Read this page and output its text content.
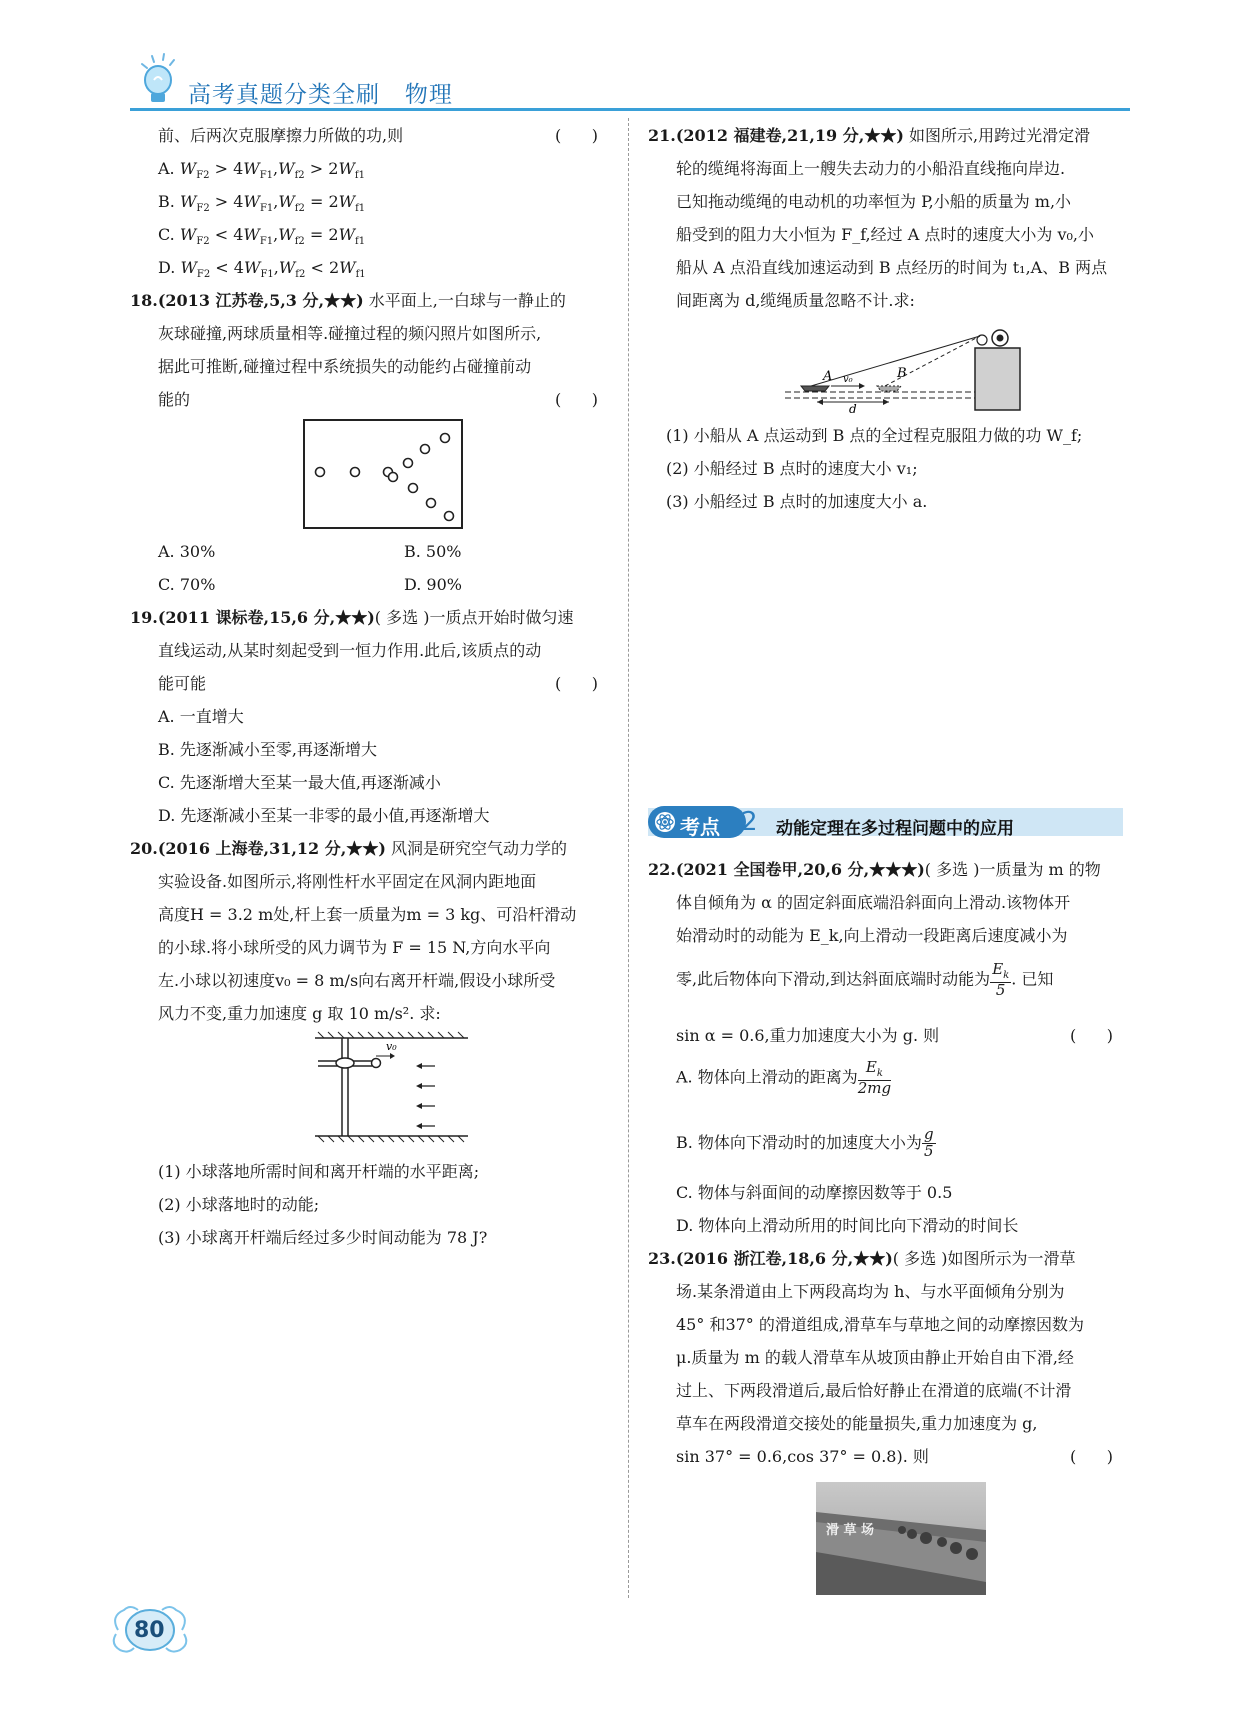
高考真题分类全刷   物理
前、后两次克服摩擦力所做的功,则	(      )
A. $W_{F2} > 4W_{F1},W_{f2} > 2W_{f1}$
B. $W_{F2} > 4W_{F1},W_{f2} = 2W_{f1}$
C. $W_{F2} < 4W_{F1},W_{f2} = 2W_{f1}$
D. $W_{F2} < 4W_{F1},W_{f2} < 2W_{f1}$
18.(2013 江苏卷,5,3 分,★★) 水平面上,一白球与一静止的
灰球碰撞,两球质量相等.碰撞过程的频闪照片如图所示,
据此可推断,碰撞过程中系统损失的动能约占碰撞前动
能的	(      )
A. 30%	B. 50%
C. 70%	D. 90%
19.(2011 课标卷,15,6 分,★★)( 多选 )一质点开始时做匀速
直线运动,从某时刻起受到一恒力作用.此后,该质点的动
能可能	(      )
A. 一直增大
B. 先逐渐减小至零,再逐渐增大
C. 先逐渐增大至某一最大值,再逐渐减小
D. 先逐渐减小至某一非零的最小值,再逐渐增大
20.(2016 上海卷,31,12 分,★★) 风洞是研究空气动力学的
实验设备.如图所示,将刚性杆水平固定在风洞内距地面
高度H = 3.2 m处,杆上套一质量为m = 3 kg、可沿杆滑动
的小球.将小球所受的风力调节为 F = 15 N,方向水平向
左.小球以初速度v₀ = 8 m/s向右离开杆端,假设小球所受
风力不变,重力加速度 g 取 10 m/s². 求:
v₀
(1) 小球落地所需时间和离开杆端的水平距离;
(2) 小球落地时的动能;
(3) 小球离开杆端后经过多少时间动能为 78 J?
21.(2012 福建卷,21,19 分,★★) 如图所示,用跨过光滑定滑
轮的缆绳将海面上一艘失去动力的小船沿直线拖向岸边.
已知拖动缆绳的电动机的功率恒为 P,小船的质量为 m,小
船受到的阻力大小恒为 F_f,经过 A 点时的速度大小为 v₀,小
船从 A 点沿直线加速运动到 B 点经历的时间为 t₁,A、B 两点
间距离为 d,缆绳质量忽略不计.求:
A	B
v₀
d
(1) 小船从 A 点运动到 B 点的全过程克服阻力做的功 W_f;
(2) 小船经过 B 点时的速度大小 v₁;
(3) 小船经过 B 点时的加速度大小 a.
考点 2 动能定理在多过程问题中的应用
22.(2021 全国卷甲,20,6 分,★★★)( 多选 )一质量为 m 的物
体自倾角为 α 的固定斜面底端沿斜面向上滑动.该物体开
始滑动时的动能为 E_k,向上滑动一段距离后速度减小为
零,此后物体向下滑动,到达斜面底端时动能为 $\frac{E_k}{5}$ . 已知
sin α = 0.6,重力加速度大小为 g. 则	(      )
A. 物体向上滑动的距离为 $\frac{E_k}{2mg}$
B. 物体向下滑动时的加速度大小为 $\frac{g}{5}$
C. 物体与斜面间的动摩擦因数等于 0.5
D. 物体向上滑动所用的时间比向下滑动的时间长
23.(2016 浙江卷,18,6 分,★★)( 多选 )如图所示为一滑草
场.某条滑道由上下两段高均为 h、与水平面倾角分别为
45° 和37° 的滑道组成,滑草车与草地之间的动摩擦因数为
μ.质量为 m 的载人滑草车从坡顶由静止开始自由下滑,经
过上、下两段滑道后,最后恰好静止在滑道的底端(不计滑
草车在两段滑道交接处的能量损失,重力加速度为 g,
sin 37° = 0.6,cos 37° = 0.8). 则	(      )
滑 草 场
80
